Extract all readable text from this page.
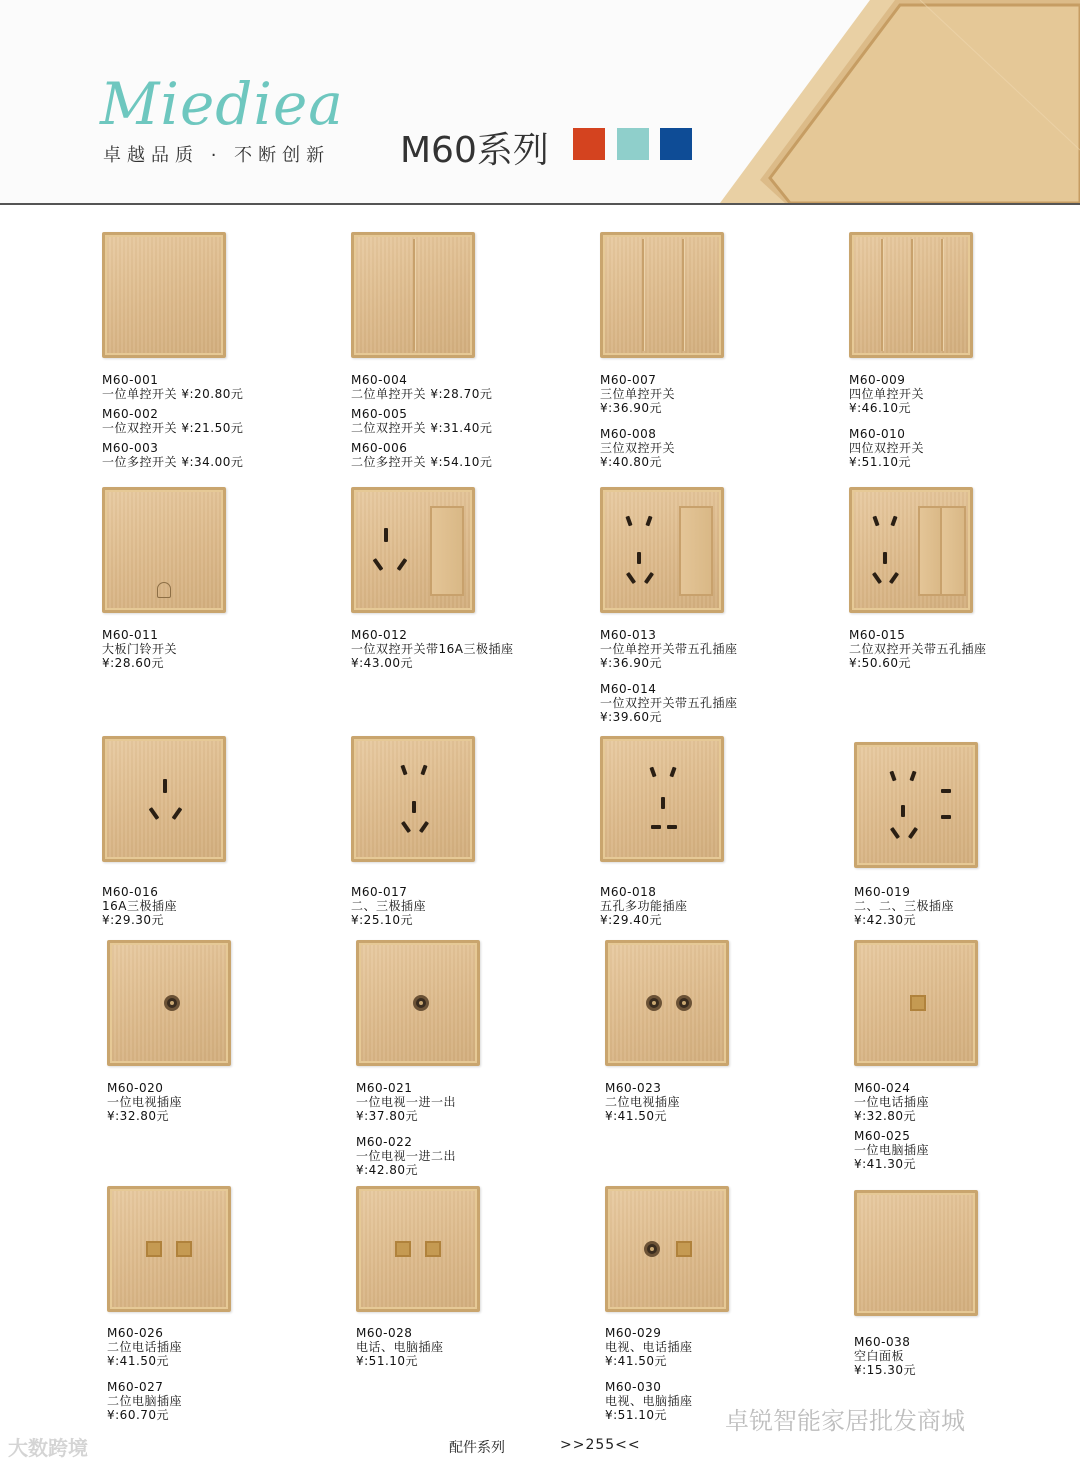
Miediea
卓越品质 · 不断创新 M60系列
M60-001
一位单控开关 ¥:20.80元
M60-002
一位双控开关 ¥:21.50元
M60-003
一位多控开关 ¥:34.00元
M60-004
二位单控开关 ¥:28.70元
M60-005
二位双控开关 ¥:31.40元
M60-006
二位多控开关 ¥:54.10元
M60-007
三位单控开关
¥:36.90元
M60-008
三位双控开关
¥:40.80元
M60-009
四位单控开关
¥:46.10元
M60-010
四位双控开关
¥:51.10元
M60-011
大板门铃开关
¥:28.60元
M60-012
一位双控开关带16A三极插座
¥:43.00元
M60-013
一位单控开关带五孔插座
¥:36.90元
M60-014
一位双控开关带五孔插座
¥:39.60元
M60-015
二位双控开关带五孔插座
¥:50.60元
M60-016
16A三极插座
¥:29.30元
M60-017
二、三极插座
¥:25.10元
M60-018
五孔多功能插座
¥:29.40元
M60-019
二、二、三极插座
¥:42.30元
M60-020
一位电视插座
¥:32.80元
M60-021
一位电视一进一出
¥:37.80元
M60-022
一位电视一进二出
¥:42.80元
M60-023
二位电视插座
¥:41.50元
M60-024
一位电话插座
¥:32.80元
M60-025
一位电脑插座
¥:41.30元
M60-026
二位电话插座
¥:41.50元
M60-027
二位电脑插座
¥:60.70元
M60-028
电话、电脑插座
¥:51.10元
M60-029
电视、电话插座
¥:41.50元
M60-030
电视、电脑插座
¥:51.10元
M60-038
空白面板
¥:15.30元
大数跨境	配件系列	>>255<<
卓锐智能家居批发商城
